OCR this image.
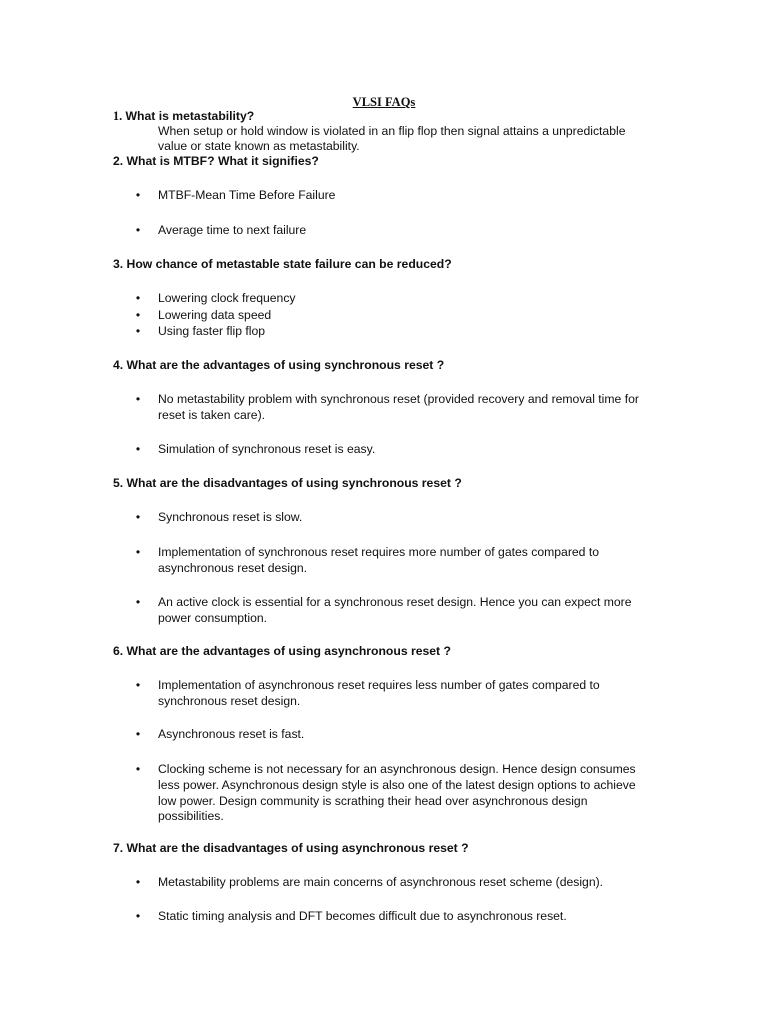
VLSI FAQs
1. What is metastability?
When setup or hold window is violated in an flip flop then signal attains a unpredictable
value or state known as metastability.
2. What is MTBF? What it signifies?
• MTBF-Mean Time Before Failure
• Average time to next failure
3. How chance of metastable state failure can be reduced?
• Lowering clock frequency
• Lowering data speed
• Using faster flip flop
4. What are the advantages of using synchronous reset ?
• No metastability problem with synchronous reset (provided recovery and removal time for
reset is taken care).
• Simulation of synchronous reset is easy.
5. What are the disadvantages of using synchronous reset ?
• Synchronous reset is slow.
• Implementation of synchronous reset requires more number of gates compared to
asynchronous reset design.
• An active clock is essential for a synchronous reset design. Hence you can expect more
power consumption.
6. What are the advantages of using asynchronous reset ?
• Implementation of asynchronous reset requires less number of gates compared to
synchronous reset design.
• Asynchronous reset is fast.
• Clocking scheme is not necessary for an asynchronous design. Hence design consumes
less power. Asynchronous design style is also one of the latest design options to achieve
low power. Design community is scrathing their head over asynchronous design
possibilities.
7. What are the disadvantages of using asynchronous reset ?
• Metastability problems are main concerns of asynchronous reset scheme (design).
• Static timing analysis and DFT becomes difficult due to asynchronous reset.
